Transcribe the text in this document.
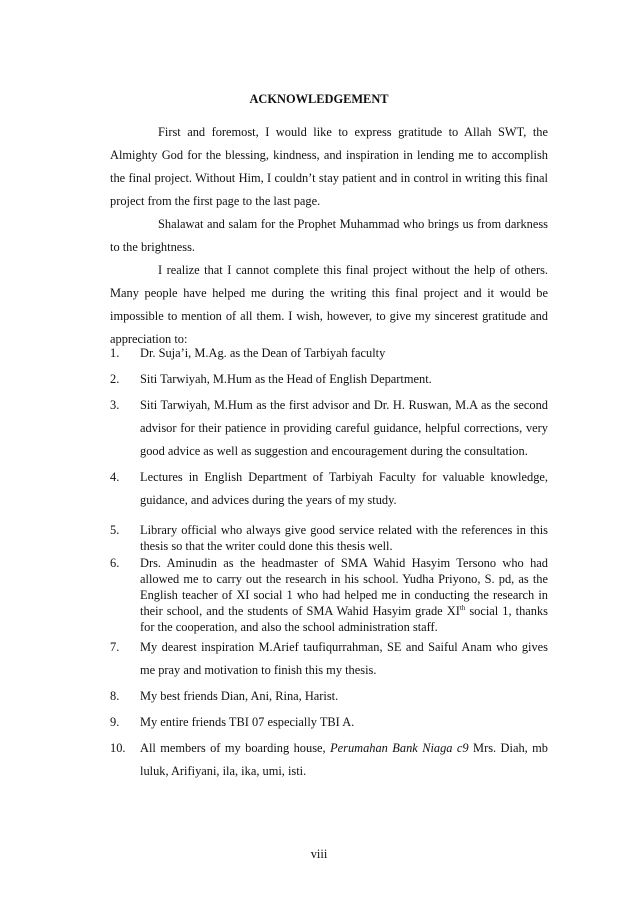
ACKNOWLEDGEMENT

First and foremost, I would like to express gratitude to Allah SWT, the Almighty God for the blessing, kindness, and inspiration in lending me to accomplish the final project. Without Him, I couldn’t stay patient and in control in writing this final project from the first page to the last page.

Shalawat and salam for the Prophet Muhammad who brings us from darkness to the brightness.

I realize that I cannot complete this final project without the help of others. Many people have helped me during the writing this final project and it would be impossible to mention of all them. I wish, however, to give my sincerest gratitude and appreciation to:

1. Dr. Suja’i, M.Ag. as the Dean of Tarbiyah faculty
2. Siti Tarwiyah, M.Hum as the Head of English Department.
3. Siti Tarwiyah, M.Hum as the first advisor and Dr. H. Ruswan, M.A as the second advisor for their patience in providing careful guidance, helpful corrections, very good advice as well as suggestion and encouragement during the consultation.
4. Lectures in English Department of Tarbiyah Faculty for valuable knowledge, guidance, and advices during the years of my study.
5. Library official who always give good service related with the references in this thesis so that the writer could done this thesis well.
6. Drs. Aminudin as the headmaster of SMA Wahid Hasyim Tersono who had allowed me to carry out the research in his school. Yudha Priyono, S. pd, as the English teacher of XI social 1 who had helped me in conducting the research in their school, and the students of SMA Wahid Hasyim grade XIth social 1, thanks for the cooperation, and also the school administration staff.
7. My dearest inspiration M.Arief taufiqurrahman, SE and Saiful Anam who gives me pray and motivation to finish this my thesis.
8. My best friends Dian, Ani, Rina, Harist.
9. My entire friends TBI 07 especially TBI A.
10. All members of my boarding house, Perumahan Bank Niaga c9 Mrs. Diah, mb luluk, Arifiyani, ila, ika, umi, isti.
viii
